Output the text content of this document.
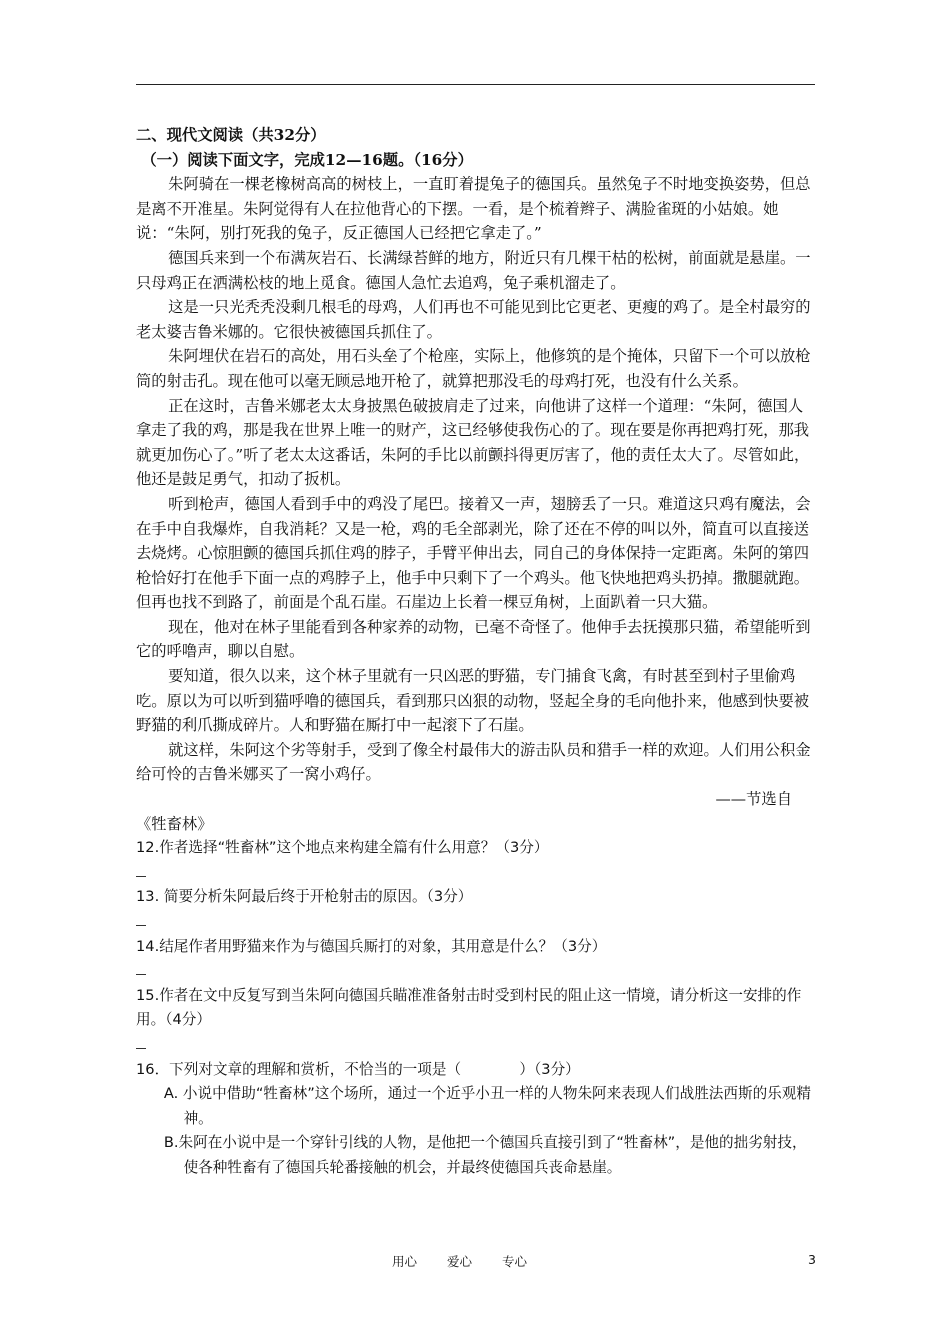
二、现代文阅读（共32分）

（一）阅读下面文字，完成12—16题。（16分）

朱阿骑在一棵老橡树高高的树枝上，一直盯着提兔子的德国兵。虽然兔子不时地变换姿势，但总是离不开准星。朱阿觉得有人在拉他背心的下摆。一看，是个梳着辫子、满脸雀斑的小姑娘。她说：“朱阿，别打死我的兔子，反正德国人已经把它拿走了。”

德国兵来到一个布满灰岩石、长满绿苔鲜的地方，附近只有几棵干枯的松树，前面就是悬崖。一只母鸡正在洒满松枝的地上觅食。德国人急忙去追鸡，兔子乘机溜走了。

这是一只光秃秃没剩几根毛的母鸡，人们再也不可能见到比它更老、更瘦的鸡了。是全村最穷的老太婆吉鲁米娜的。它很快被德国兵抓住了。

朱阿埋伏在岩石的高处，用石头垒了个枪座，实际上，他修筑的是个掩体，只留下一个可以放枪筒的射击孔。现在他可以毫无顾忌地开枪了，就算把那没毛的母鸡打死，也没有什么关系。

正在这时，吉鲁米娜老太太身披黑色破披肩走了过来，向他讲了这样一个道理：“朱阿，德国人拿走了我的鸡，那是我在世界上唯一的财产，这已经够使我伤心的了。现在要是你再把鸡打死，那我就更加伤心了。”听了老太太这番话，朱阿的手比以前颤抖得更厉害了，他的责任太大了。尽管如此，他还是鼓足勇气，扣动了扳机。

听到枪声，德国人看到手中的鸡没了尾巴。接着又一声，翅膀丢了一只。难道这只鸡有魔法，会在手中自我爆炸，自我消耗？又是一枪，鸡的毛全部剥光，除了还在不停的叫以外，简直可以直接送去烧烤。心惊胆颤的德国兵抓住鸡的脖子，手臂平伸出去，同自己的身体保持一定距离。朱阿的第四枪恰好打在他手下面一点的鸡脖子上，他手中只剩下了一个鸡头。他飞快地把鸡头扔掉。撒腿就跑。但再也找不到路了，前面是个乱石崖。石崖边上长着一棵豆角树，上面趴着一只大猫。

现在，他对在林子里能看到各种家养的动物，已毫不奇怪了。他伸手去抚摸那只猫，希望能听到它的呼噜声，聊以自慰。

要知道，很久以来，这个林子里就有一只凶恶的野猫，专门捕食飞禽，有时甚至到村子里偷鸡吃。原以为可以听到猫呼噜的德国兵，看到那只凶狠的动物，竖起全身的毛向他扑来，他感到快要被野猫的利爪撕成碎片。人和野猫在厮打中一起滚下了石崖。

就这样，朱阿这个劣等射手，受到了像全村最伟大的游击队员和猎手一样的欢迎。人们用公积金给可怜的吉鲁米娜买了一窝小鸡仔。

——节选自

《牲畜林》

12.作者选择“牲畜林”这个地点来构建全篇有什么用意？（3分）

13. 简要分析朱阿最后终于开枪射击的原因。（3分）

14.结尾作者用野猫来作为与德国兵厮打的对象，其用意是什么？（3分）

15.作者在文中反复写到当朱阿向德国兵瞄准准备射击时受到村民的阻止这一情境，请分析这一安排的作用。（4分）

16．下列对文章的理解和赏析，不恰当的一项是（　　　　）（3分）

A. 小说中借助“牲畜林”这个场所，通过一个近乎小丑一样的人物朱阿来表现人们战胜法西斯的乐观精神。

B.朱阿在小说中是一个穿针引线的人物，是他把一个德国兵直接引到了“牲畜林”，是他的拙劣射技，使各种牲畜有了德国兵轮番接触的机会，并最终使德国兵丧命悬崖。

用心 爱心 专心	3
